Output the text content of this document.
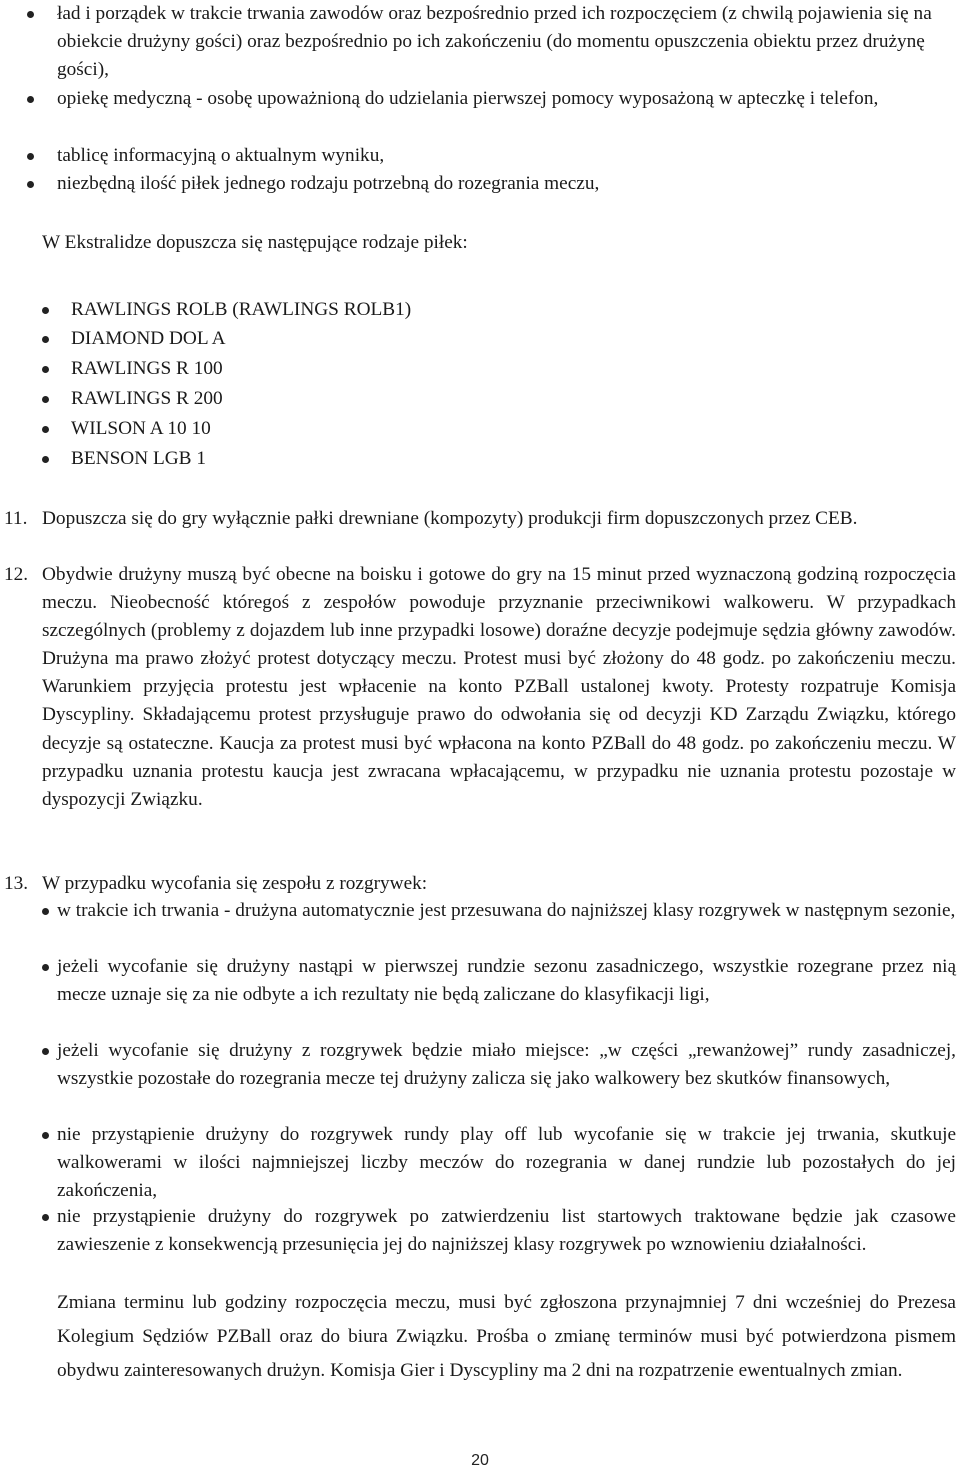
ład i porządek w trakcie trwania zawodów oraz bezpośrednio przed ich rozpoczęciem (z chwilą pojawienia się na obiekcie drużyny gości) oraz bezpośrednio po ich zakończeniu (do momentu opuszczenia obiektu przez drużynę gości),

opiekę medyczną - osobę upoważnioną do udzielania pierwszej pomocy wyposażoną w apteczkę i telefon,

tablicę informacyjną o aktualnym wyniku,

niezbędną ilość piłek jednego rodzaju potrzebną do rozegrania meczu,

W Ekstralidze dopuszcza się następujące rodzaje piłek:

RAWLINGS ROLB (RAWLINGS ROLB1)

DIAMOND DOL A

RAWLINGS R 100

RAWLINGS R 200

WILSON A 10 10

BENSON LGB 1

11. Dopuszcza się do gry wyłącznie pałki drewniane (kompozyty) produkcji firm dopuszczonych przez CEB.

12. Obydwie drużyny muszą być obecne na boisku i gotowe do gry na 15 minut przed wyznaczoną godziną rozpoczęcia meczu. Nieobecność któregoś z zespołów powoduje przyznanie przeciwnikowi walkoweru. W przypadkach szczególnych (problemy z dojazdem lub inne przypadki losowe) doraźne decyzje podejmuje sędzia główny zawodów. Drużyna ma prawo złożyć protest dotyczący meczu. Protest musi być złożony do 48 godz. po zakończeniu meczu. Warunkiem przyjęcia protestu jest wpłacenie na konto PZBall ustalonej kwoty. Protesty rozpatruje Komisja Dyscypliny. Składającemu protest przysługuje prawo do odwołania się od decyzji KD Zarządu Związku, którego decyzje są ostateczne. Kaucja za protest musi być wpłacona na konto PZBall do 48 godz. po zakończeniu meczu. W przypadku uznania protestu kaucja jest zwracana wpłacającemu, w przypadku nie uznania protestu pozostaje w dyspozycji Związku.

13. W przypadku wycofania się zespołu z rozgrywek:

w trakcie ich trwania - drużyna automatycznie jest przesuwana do najniższej klasy rozgrywek w następnym sezonie,

jeżeli wycofanie się drużyny nastąpi w pierwszej rundzie sezonu zasadniczego, wszystkie rozegrane przez nią mecze uznaje się za nie odbyte a ich rezultaty nie będą zaliczane do klasyfikacji ligi,

jeżeli wycofanie się drużyny z rozgrywek będzie miało miejsce: „w części „rewanżowej” rundy zasadniczej, wszystkie pozostałe do rozegrania mecze tej drużyny zalicza się jako walkowery bez skutków finansowych,

nie przystąpienie drużyny do rozgrywek rundy play off lub wycofanie się w trakcie jej trwania, skutkuje walkowerami w ilości najmniejszej liczby meczów do rozegrania w danej rundzie lub pozostałych do jej zakończenia,

nie przystąpienie drużyny do rozgrywek po zatwierdzeniu list startowych traktowane będzie jak czasowe zawieszenie z konsekwencją przesunięcia jej do najniższej klasy rozgrywek po wznowieniu działalności.

Zmiana terminu lub godziny rozpoczęcia meczu, musi być zgłoszona przynajmniej 7 dni wcześniej do Prezesa Kolegium Sędziów PZBall oraz do biura Związku. Prośba o zmianę terminów musi być potwierdzona pismem obydwu zainteresowanych drużyn. Komisja Gier i Dyscypliny ma 2 dni na rozpatrzenie ewentualnych zmian.

20
